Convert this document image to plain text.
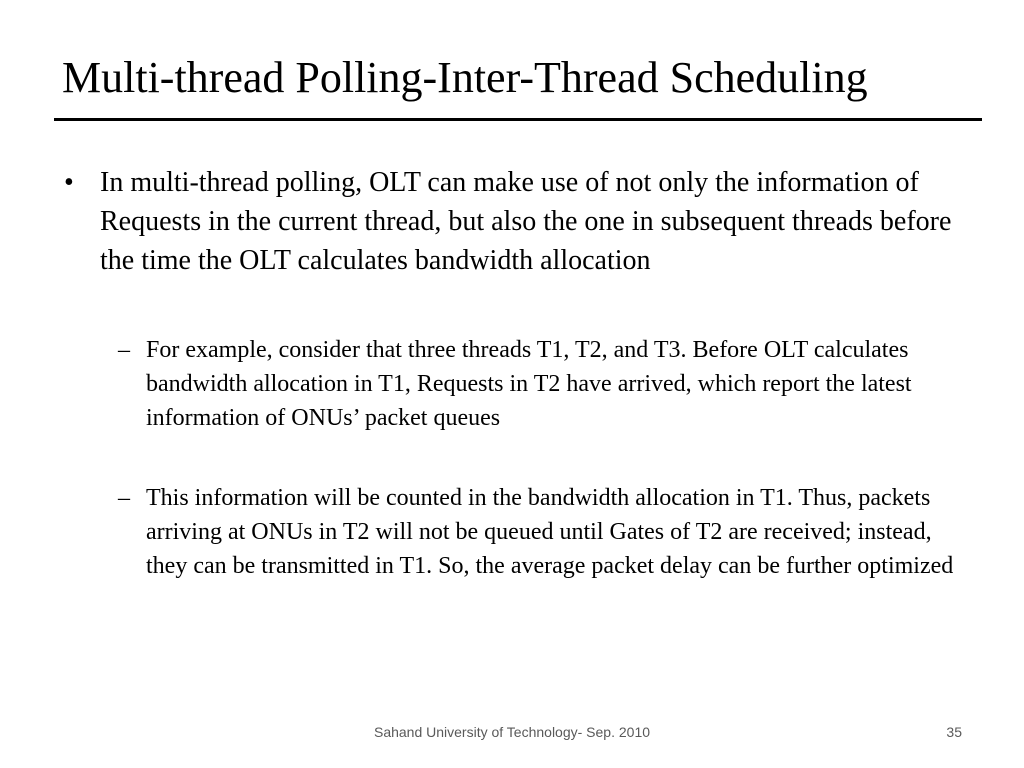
Multi-thread Polling-Inter-Thread Scheduling
• In multi-thread polling, OLT can make use of not only the information of Requests in the current thread, but also the one in subsequent threads before the time the OLT calculates bandwidth allocation
– For example, consider that three threads T1, T2, and T3. Before OLT calculates bandwidth allocation in T1, Requests in T2 have arrived, which report the latest information of ONUs’ packet queues
– This information will be counted in the bandwidth allocation in T1. Thus, packets arriving at ONUs in T2 will not be queued until Gates of T2 are received; instead, they can be transmitted in T1. So, the average packet delay can be further optimized
Sahand University of Technology- Sep. 2010	35
